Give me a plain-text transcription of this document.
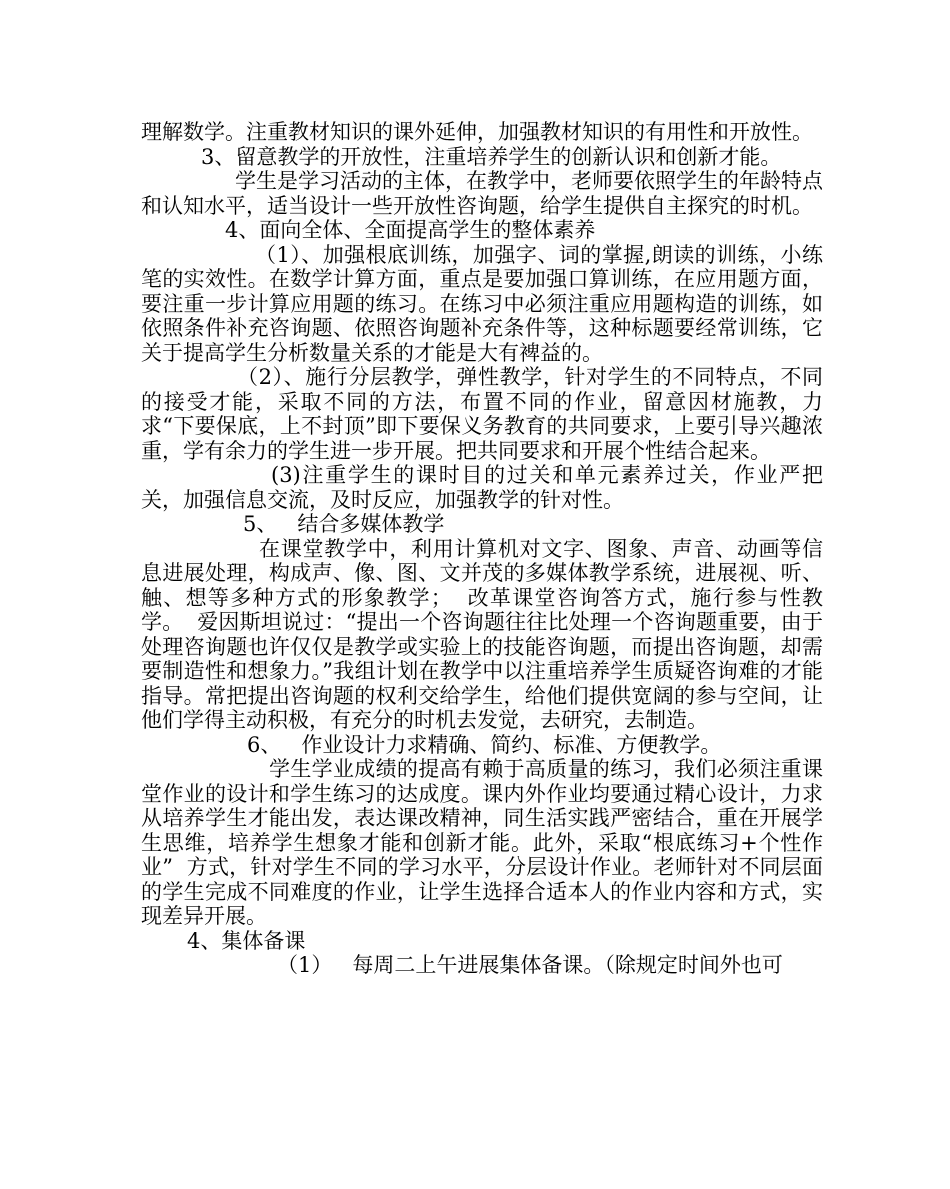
理解数学。注重教材知识的课外延伸，加强教材知识的有用性和开放性。

3、留意教学的开放性，注重培养学生的创新认识和创新才能。

学生是学习活动的主体，在教学中，老师要依照学生的年龄特点和认知水平，适当设计一些开放性咨询题，给学生提供自主探究的时机。

4、面向全体、全面提高学生的整体素养

（1）、加强根底训练，加强字、词的掌握,朗读的训练，小练笔的实效性。在数学计算方面，重点是要加强口算训练，在应用题方面，要注重一步计算应用题的练习。在练习中必须注重应用题构造的训练，如依照条件补充咨询题、依照咨询题补充条件等，这种标题要经常训练，它关于提高学生分析数量关系的才能是大有裨益的。

（2）、施行分层教学，弹性教学，针对学生的不同特点，不同的接受才能，采取不同的方法，布置不同的作业，留意因材施教，力求“下要保底，上不封顶”即下要保义务教育的共同要求，上要引导兴趣浓重，学有余力的学生进一步开展。把共同要求和开展个性结合起来。

(3)注重学生的课时目的过关和单元素养过关，作业严把关，加强信息交流，及时反应，加强教学的针对性。

5、   结合多媒体教学

在课堂教学中，利用计算机对文字、图象、声音、动画等信息进展处理，构成声、像、图、文并茂的多媒体教学系统，进展视、听、触、想等多种方式的形象教学；  改革课堂咨询答方式，施行参与性教学。  爱因斯坦说过：“提出一个咨询题往往比处理一个咨询题重要，由于处理咨询题也许仅仅是教学或实验上的技能咨询题，而提出咨询题，却需要制造性和想象力。”我组计划在教学中以注重培养学生质疑咨询难的才能指导。常把提出咨询题的权利交给学生，给他们提供宽阔的参与空间，让他们学得主动积极，有充分的时机去发觉，去研究，去制造。

6、   作业设计力求精确、简约、标准、方便教学。

学生学业成绩的提高有赖于高质量的练习，我们必须注重课堂作业的设计和学生练习的达成度。课内外作业均要通过精心设计，力求从培养学生才能出发，表达课改精神，同生活实践严密结合，重在开展学生思维，培养学生想象才能和创新才能。此外，采取“根底练习+个性作业”  方式，针对学生不同的学习水平，分层设计作业。老师针对不同层面的学生完成不同难度的作业，让学生选择合适本人的作业内容和方式，实现差异开展。

4、集体备课

（1）   每周二上午进展集体备课。（除规定时间外也可
